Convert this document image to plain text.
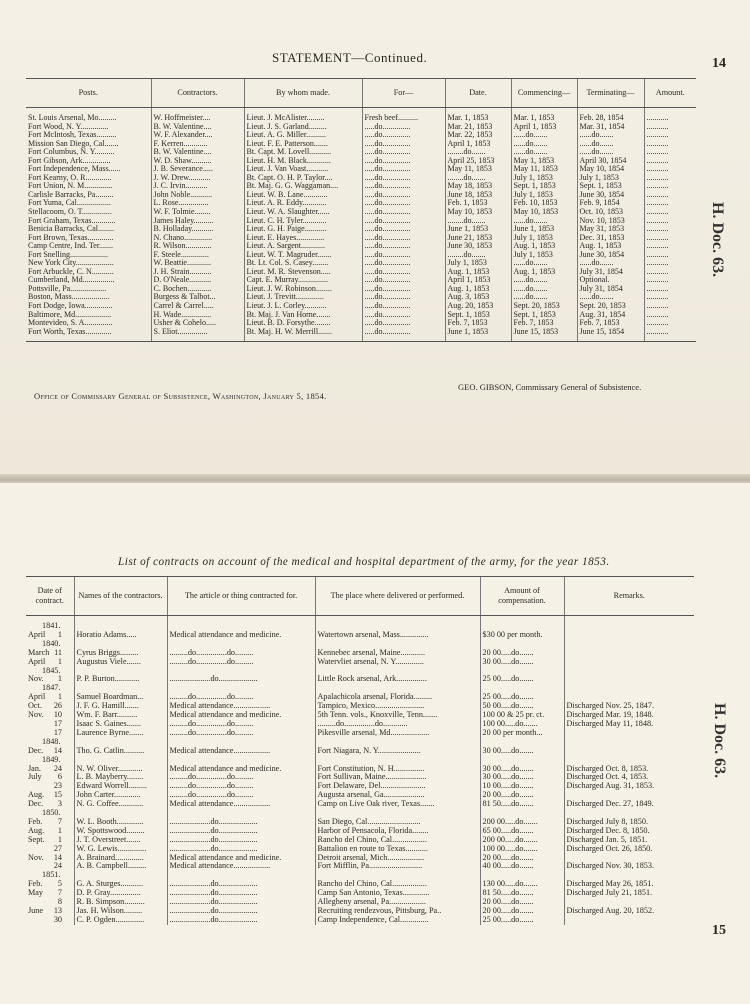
STATEMENT—Continued.	14
H. Doc. 63.
Posts.	Contractors.	By whom made.	For—	Date.	Commencing—	Terminating—	Amount.
St. Louis Arsenal, Mo.........	W. Hoffmeister....	Lieut. J. McAlister.........	Fresh beef..........	Mar. 1, 1853	Mar. 1, 1853	Feb. 28, 1854	...........
Fort Wood, N. Y..............	B. W. Valentine....	Lieut. J. S. Garland.........	.....do..............	Mar. 21, 1853	April 1, 1853	Mar. 31, 1854	...........
Fort McIntosh, Texas..........	W. F. Alexander....	Lieut. A. G. Miller..........	.....do..............	Mar. 22, 1853	......do.......	......do.......	...........
Mission San Diego, Cal.......	F. Kerren............	Lieut. F. E. Patterson.......	.....do..............	April 1, 1853	......do.......	......do.......	...........
Fort Columbus, N. Y..........	B. W. Valentine....	Bt. Capt. M. Lovell...........	.....do..............	........do.......	......do.......	......do.......	...........
Fort Gibson, Ark..............	W. D. Shaw..........	Lieut. H. M. Black............	.....do..............	April 25, 1853	May 1, 1853	April 30, 1854	...........
Fort Independence, Mass......	J. B. Severance.....	Lieut. J. Van Voast...........	.....do..............	May 11, 1853	May 11, 1853	May 10, 1854	...........
Fort Kearny, O. R.............	J. W. Drew...........	Bt. Capt. O. H. P. Taylor....	.....do..............	........do.......	July 1, 1853	July 1, 1853	...........
Fort Union, N. M..............	J. C. Irvin...........	Bt. Maj. G. G. Waggaman....	.....do..............	May 18, 1853	Sept. 1, 1853	Sept. 1, 1853	...........
Carlisle Barracks, Pa.........	John Noble...........	Lieut. W. B. Lane............	.....do..............	June 18, 1853	July 1, 1853	June 30, 1854	...........
Fort Yuma, Cal.................	L. Rose...............	Lieut. A. R. Eddy............	.....do..............	Feb. 1, 1853	Feb. 10, 1853	Feb. 9, 1854	...........
Stellacoom, O. T...............	W. F. Tolmie........	Lieut. W. A. Slaughter......	.....do..............	May 10, 1853	May 10, 1853	Oct. 10, 1853	...........
Fort Graham, Texas............	James Haley..........	Lieut. C. H. Tyler............	.....do..............	........do.......	......do.......	Nov. 10, 1853	...........
Benicia Barracks, Cal........	B. Holladay...........	Lieut. G. H. Paige...........	.....do..............	June 1, 1853	June 1, 1853	May 31, 1853	...........
Fort Brown, Texas.............	N. Chano..............	Lieut. E. Hayes..............	.....do..............	June 21, 1853	July 1, 1853	Dec. 31, 1853	...........
Camp Centre, Ind. Ter.......	R. Wilson.............	Lieut. A. Sargent............	.....do..............	June 30, 1853	Aug. 1, 1853	Aug. 1, 1853	...........
Fort Snelling...................	F. Steele..............	Lieut. W. T. Magruder.......	.....do..............	........do.......	July 1, 1853	June 30, 1854	...........
New York City...................	W. Beattie............	Bt. Lt. Col. S. Casey........	.....do..............	July 1, 1853	......do.......	......do.......	...........
Fort Arbuckle, C. N...........	J. H. Strain...........	Lieut. M. R. Stevenson.....	.....do..............	Aug. 1, 1853	Aug. 1, 1853	July 31, 1854	...........
Cumberland, Md................	D. O'Neale...........	Capt. E. Murray...............	.....do..............	April 1, 1853	......do.......	Optional.	...........
Pottsville, Pa..................	C. Bochen............	Lieut. J. W. Robinson........	.....do..............	Aug. 1, 1853	......do.......	July 31, 1854	...........
Boston, Mass...................	Burgess & Talbot...	Lieut. J. Trevitt..............	.....do..............	Aug. 3, 1853	......do.......	......do.......	...........
Fort Dodge, Iowa..............	Carrel & Carrel.....	Lieut. J. L. Corley...........	.....do..............	Aug. 20, 1853	Sept. 20, 1853	Sept. 20, 1853	...........
Baltimore, Md..................	H. Wade...............	Bt. Maj. J. Van Horne.......	.....do..............	Sept. 1, 1853	Sept. 1, 1853	Aug. 31, 1854	...........
Montevideo, S. A..............	Usher & Cohelo.....	Lieut. B. D. Forsythe........	.....do..............	Feb. 7, 1853	Feb. 7, 1853	Feb. 7, 1853	...........
Fort Worth, Texas.............	S. Eliot...............	Bt. Maj. H. W. Merrill.......	.....do..............	June 1, 1853	June 15, 1853	June 15, 1854	...........
GEO. GIBSON, Commissary General of Subsistence.
Office of Commissary General of Subsistence, Washington, January 5, 1854.
List of contracts on account of the medical and hospital department of the army, for the year 1853.
H. Doc. 63.
15
Date of contract.	Names of the contractors.	The article or thing contracted for.	The place where delivered or performed.	Amount of compensation.	Remarks.
1841.					
April 1	Horatio Adams.....	Medical attendance and medicine.	Watertown arsenal, Mass..............	$30 00 per month.	
1840.					
March 11	Cyrus Briggs.........	.........do...............do.........	Kennebec arsenal, Maine............	20 00.....do.......	
April 1	Augustus Viele.......	.........do...............do.........	Watervliet arsenal, N. Y..............	30 00.....do.......	
1845.					
Nov. 1	P. P. Burton............	....................do...................	Little Rock arsenal, Ark...............	25 00.....do.......	
1847.					
April 1	Samuel Boardman...	.........do...............do.........	Apalachicola arsenal, Florida.........	25 00.....do.......	
Oct. 26	J. F. G. Hamill.......	Medical attendance..................	Tampico, Mexico........................	50 00.....do.......	Discharged Nov. 25, 1847.
Nov. 10	Wm. F. Barr..........	Medical attendance and medicine.	5th Tenn. vols., Knoxville, Tenn.......	100 00 & 25 pr. ct.	Discharged Mar. 19, 1848.
17	Isaac S. Gaines.......	.........do...............do.........	.........do...............do............	100 00.....do.......	Discharged May 11, 1848.
17	Laurence Byrne.......	.........do...............do.........	Pikesville arsenal, Md...................	20 00 per month...	
1848.					
Dec. 14	Tho. G. Catlin..........	Medical attendance..................	Fort Niagara, N. Y.....................	30 00.....do.......	
1849.					
Jan. 24	N. W. Oliver............	Medical attendance and medicine.	Fort Constitution, N. H...............	30 00.....do.......	Discharged Oct. 8, 1853.
July 6	L. B. Mayberry........	.........do...............do.........	Fort Sullivan, Maine....................	30 00.....do.......	Discharged Oct. 4, 1853.
23	Edward Worrell.........	.........do...............do.........	Fort Delaware, Del......................	10 00.....do.......	Discharged Aug. 31, 1853.
Aug. 15	John Carter.............	.........do...............do.........	Augusta arsenal, Ga....................	20 00.....do.......	
Dec. 3	N. G. Coffee............	Medical attendance..................	Camp on Live Oak river, Texas.......	81 50.....do.......	Discharged Dec. 27, 1849.
1850.					
Feb. 7	W. L. Booth.............	....................do...................	San Diego, Cal..........................	200 00.....do.......	Discharged July 8, 1850.
Aug. 1	W. Spottswood.........	....................do...................	Harbor of Pensacola, Florida........	65 00.....do.......	Discharged Dec. 8, 1850.
Sept. 1	J. T. Overstreet.......	....................do...................	Rancho del Chino, Cal.................	200 00.....do.......	Discharged Jan. 5, 1851.
27	W. G. Lewis..............	....................do...................	Battalion en route to Texas...........	100 00.....do.......	Discharged Oct. 26, 1850.
Nov. 14	A. Brainard..............	Medical attendance and medicine.	Detroit arsenal, Mich..................	20 00.....do.......	
24	A. B. Campbell.........	Medical attendance..................	Fort Mifflin, Pa..........................	40 00.....do.......	Discharged Nov. 30, 1853.
1851.					
Feb. 5	G. A. Sturges...........	....................do...................	Rancho del Chino, Cal.................	130 00.....do.......	Discharged May 26, 1851.
May 7	D. P. Gray...............	....................do...................	Camp San Antonio, Texas.............	81 50.....do.......	Discharged July 21, 1851.
8	R. B. Simpson..........	....................do...................	Allegheny arsenal, Pa..................	20 00.....do.......	
June 13	Jas. H. Wilson.........	....................do...................	Recruiting rendezvous, Pittsburg, Pa..	20 00.....do.......	Discharged Aug. 20, 1852.
30	C. P. Ogden..............	....................do...................	Camp Independence, Cal..............	25 00.....do.......	
